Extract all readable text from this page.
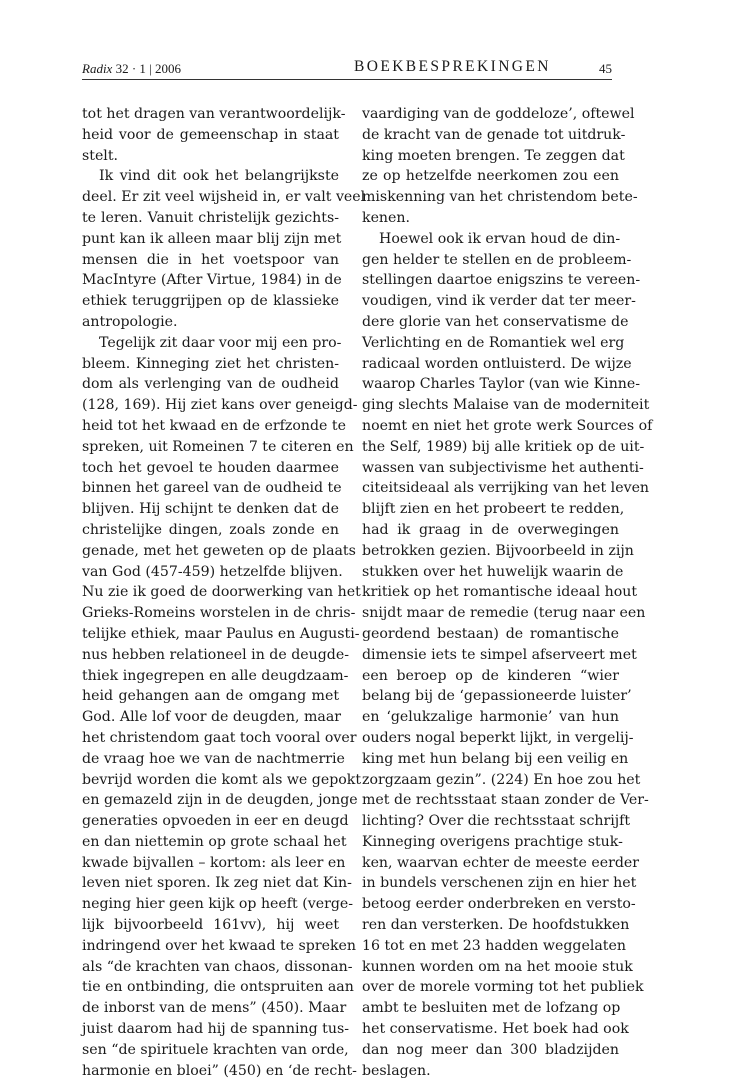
Radix 32 · 1 | 2006	BOEKBESPREKINGEN	45
tot het dragen van verantwoordelijk-
heid voor de gemeenschap in staat
stelt.
Ik vind dit ook het belangrijkste
deel. Er zit veel wijsheid in, er valt veel
te leren. Vanuit christelijk gezichts-
punt kan ik alleen maar blij zijn met
mensen die in het voetspoor van
MacIntyre (After Virtue, 1984) in de
ethiek teruggrijpen op de klassieke
antropologie.
Tegelijk zit daar voor mij een pro-
bleem. Kinneging ziet het christen-
dom als verlenging van de oudheid
(128, 169). Hij ziet kans over geneigd-
heid tot het kwaad en de erfzonde te
spreken, uit Romeinen 7 te citeren en
toch het gevoel te houden daarmee
binnen het gareel van de oudheid te
blijven. Hij schijnt te denken dat de
christelijke dingen, zoals zonde en
genade, met het geweten op de plaats
van God (457-459) hetzelfde blijven.
Nu zie ik goed de doorwerking van het
Grieks-Romeins worstelen in de chris-
telijke ethiek, maar Paulus en Augusti-
nus hebben relationeel in de deugde-
thiek ingegrepen en alle deugdzaam-
heid gehangen aan de omgang met
God. Alle lof voor de deugden, maar
het christendom gaat toch vooral over
de vraag hoe we van de nachtmerrie
bevrijd worden die komt als we gepokt
en gemazeld zijn in de deugden, jonge
generaties opvoeden in eer en deugd
en dan niettemin op grote schaal het
kwade bijvallen – kortom: als leer en
leven niet sporen. Ik zeg niet dat Kin-
neging hier geen kijk op heeft (verge-
lijk bijvoorbeeld 161vv), hij weet
indringend over het kwaad te spreken
als “de krachten van chaos, dissonan-
tie en ontbinding, die ontspruiten aan
de inborst van de mens” (450). Maar
juist daarom had hij de spanning tus-
sen “de spirituele krachten van orde,
harmonie en bloei” (450) en ‘de recht-
vaardiging van de goddeloze’, oftewel
de kracht van de genade tot uitdruk-
king moeten brengen. Te zeggen dat
ze op hetzelfde neerkomen zou een
miskenning van het christendom bete-
kenen.
Hoewel ook ik ervan houd de din-
gen helder te stellen en de probleem-
stellingen daartoe enigszins te vereen-
voudigen, vind ik verder dat ter meer-
dere glorie van het conservatisme de
Verlichting en de Romantiek wel erg
radicaal worden ontluisterd. De wijze
waarop Charles Taylor (van wie Kinne-
ging slechts Malaise van de moderniteit
noemt en niet het grote werk Sources of
the Self, 1989) bij alle kritiek op de uit-
wassen van subjectivisme het authenti-
citeitsideaal als verrijking van het leven
blijft zien en het probeert te redden,
had ik graag in de overwegingen
betrokken gezien. Bijvoorbeeld in zijn
stukken over het huwelijk waarin de
kritiek op het romantische ideaal hout
snijdt maar de remedie (terug naar een
geordend bestaan) de romantische
dimensie iets te simpel afserveert met
een beroep op de kinderen “wier
belang bij de ‘gepassioneerde luister’
en ‘gelukzalige harmonie’ van hun
ouders nogal beperkt lijkt, in vergelij-
king met hun belang bij een veilig en
zorgzaam gezin”. (224) En hoe zou het
met de rechtsstaat staan zonder de Ver-
lichting? Over die rechtsstaat schrijft
Kinneging overigens prachtige stuk-
ken, waarvan echter de meeste eerder
in bundels verschenen zijn en hier het
betoog eerder onderbreken en versto-
ren dan versterken. De hoofdstukken
16 tot en met 23 hadden weggelaten
kunnen worden om na het mooie stuk
over de morele vorming tot het publiek
ambt te besluiten met de lofzang op
het conservatisme. Het boek had ook
dan nog meer dan 300 bladzijden
beslagen.
